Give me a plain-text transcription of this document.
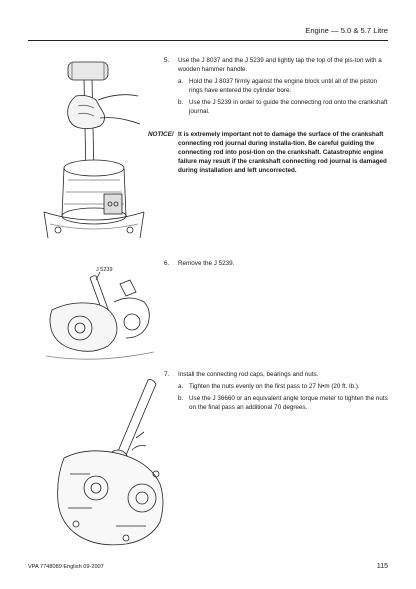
Engine — 5.0 & 5.7 Litre
J 5239
5. Use the J 8037 and the J 5239 and lightly tap the top of the pis-ton with a wooden hammer handle.
a. Hold the J 8037 firmly against the engine block until all of the piston rings have entered the cylinder bore.
b. Use the J 5239 in order to guide the connecting rod onto the crankshaft journal.
NOTICE! It is extremely important not to damage the surface of the crankshaft connecting rod journal during installa-tion. Be careful guiding the connecting rod into posi-tion on the crankshaft. Catastrophic engine failure may result if the crankshaft connecting rod journal is damaged during installation and left uncorrected.
6. Remove the J 5239.
7. Install the connecting rod caps, bearings and nuts.
a. Tighten the nuts evenly on the first pass to 27 N•m (20 ft. lb.).
b. Use the J 36660 or an equivalent angle torque meter to tighten the nuts on the final pass an additional 70 degrees.
VPA 7748089 English 09-2007	115
